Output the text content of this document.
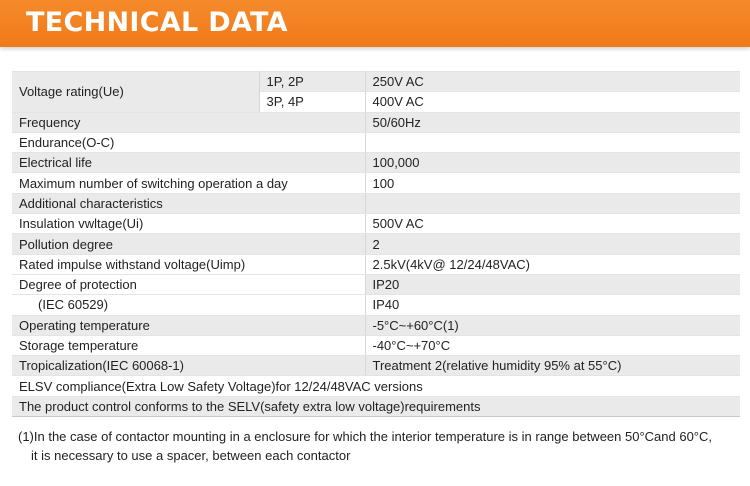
TECHNICAL DATA
Voltage rating(Ue)	1P, 2P	250V AC
	3P, 4P	400V AC
Frequency		50/60Hz
Endurance(O-C)		
Electrical life		100,000
Maximum number of switching operation a day		100
Additional characteristics		
Insulation vwltage(Ui)		500V AC
Pollution degree		2
Rated impulse withstand voltage(Uimp)		2.5kV(4kV@ 12/24/48VAC)
Degree of protection		IP20
(IEC 60529)		IP40
Operating temperature		-5°C~+60°C(1)
Storage temperature		-40°C~+70°C
Tropicalization(IEC 60068-1)		Treatment 2(relative humidity 95% at 55°C)
ELSV compliance(Extra Low Safety Voltage)for 12/24/48VAC versions		
The product control conforms to the SELV(safety extra low voltage)requirements		
(1)In the case of contactor mounting in a enclosure for which the interior temperature is in range between 50°Cand 60°C,
it is necessary to use a spacer, between each contactor
